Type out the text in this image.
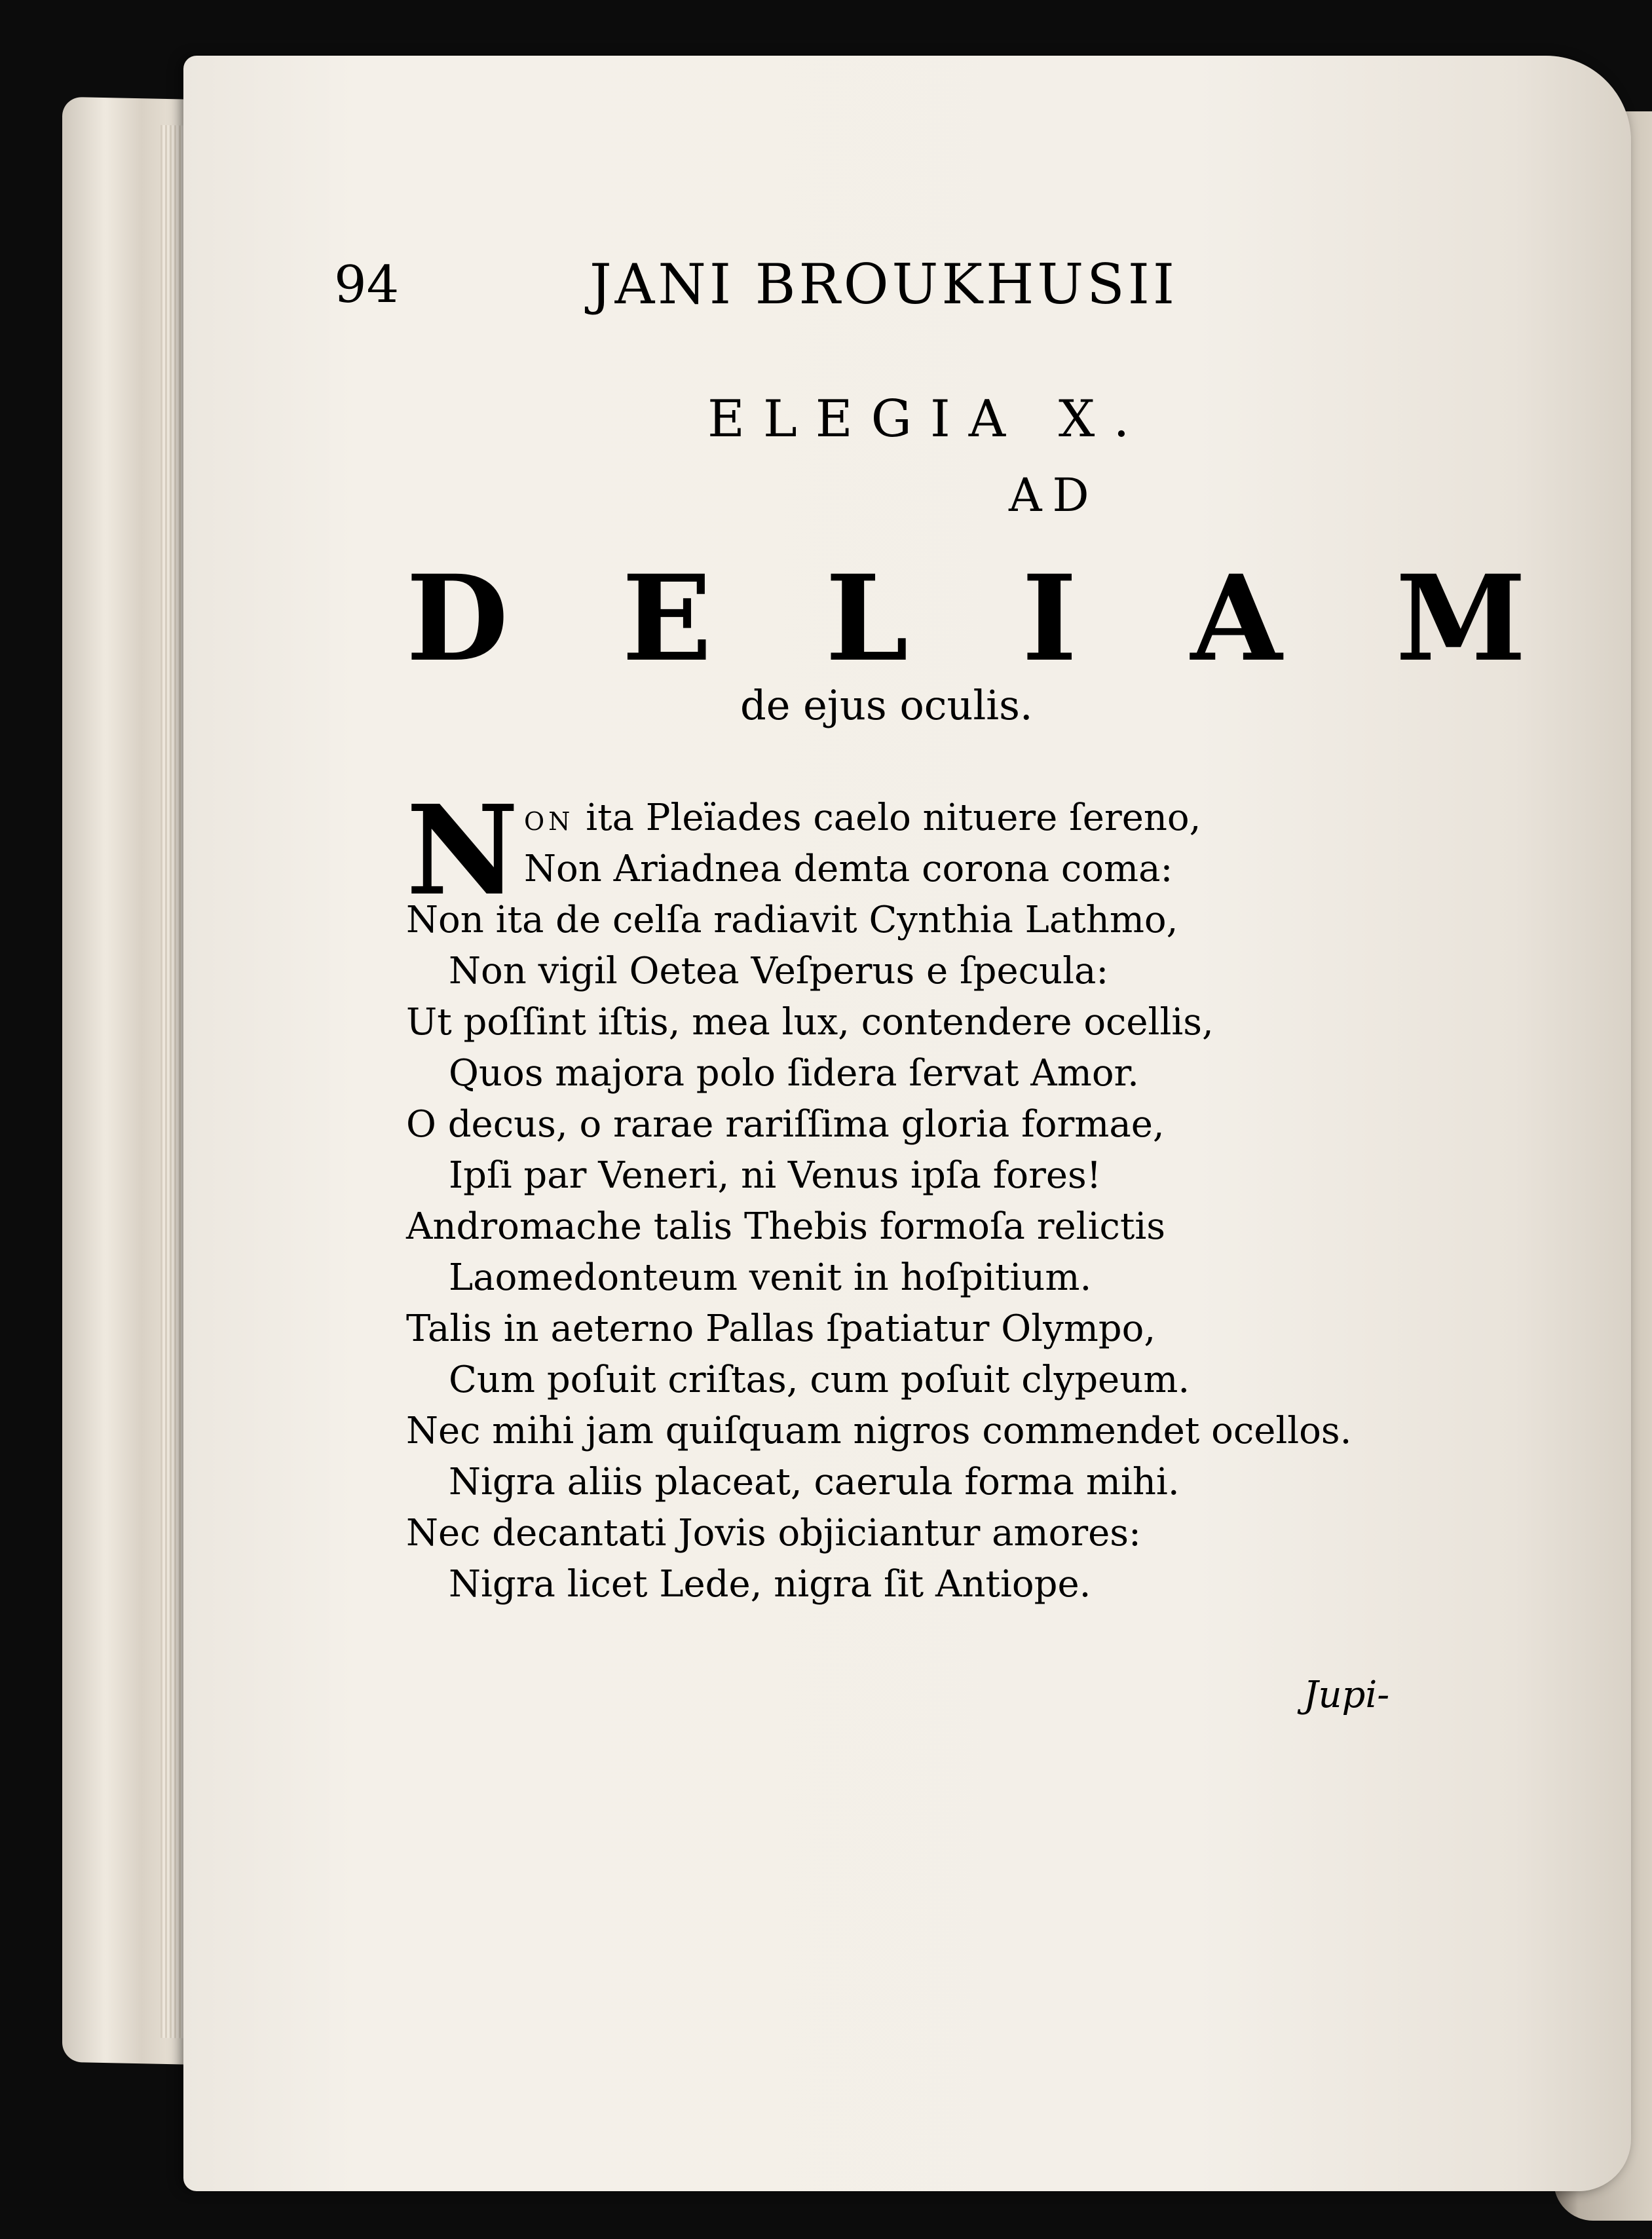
94	JANI BROUKHUSII
ELEGIA X.
AD
D E L I A M
de ejus oculis.
N ON ita Pleïades caelo nituere ſereno,
Non Ariadnea demta corona coma:
Non ita de celſa radiavit Cynthia Lathmo,
Non vigil Oetea Veſperus e ſpecula:
Ut poſſint iſtis, mea lux, contendere ocellis,
Quos majora polo ſidera ſervat Amor.
O decus, o rarae rariſſima gloria formae,
Ipſi par Veneri, ni Venus ipſa fores!
Andromache talis Thebis formoſa relictis
Laomedonteum venit in hoſpitium.
Talis in aeterno Pallas ſpatiatur Olympo,
Cum poſuit criſtas, cum poſuit clypeum.
Nec mihi jam quiſquam nigros commendet ocellos.
Nigra aliis placeat, caerula forma mihi.
Nec decantati Jovis objiciantur amores:
Nigra licet Lede, nigra ſit Antiope.
Jupi-
